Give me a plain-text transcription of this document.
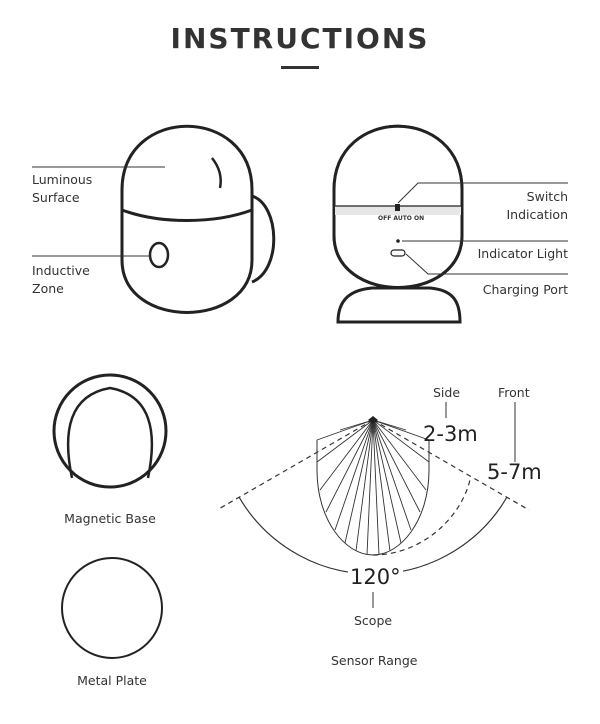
INSTRUCTIONS
Luminous
Surface
Inductive
Zone
OFF AUTO ON
Switch
Indication
Indicator Light
Charging Port
Magnetic Base
Metal Plate
Side	Front
2-3m
5-7m
120°
Scope
Sensor Range
